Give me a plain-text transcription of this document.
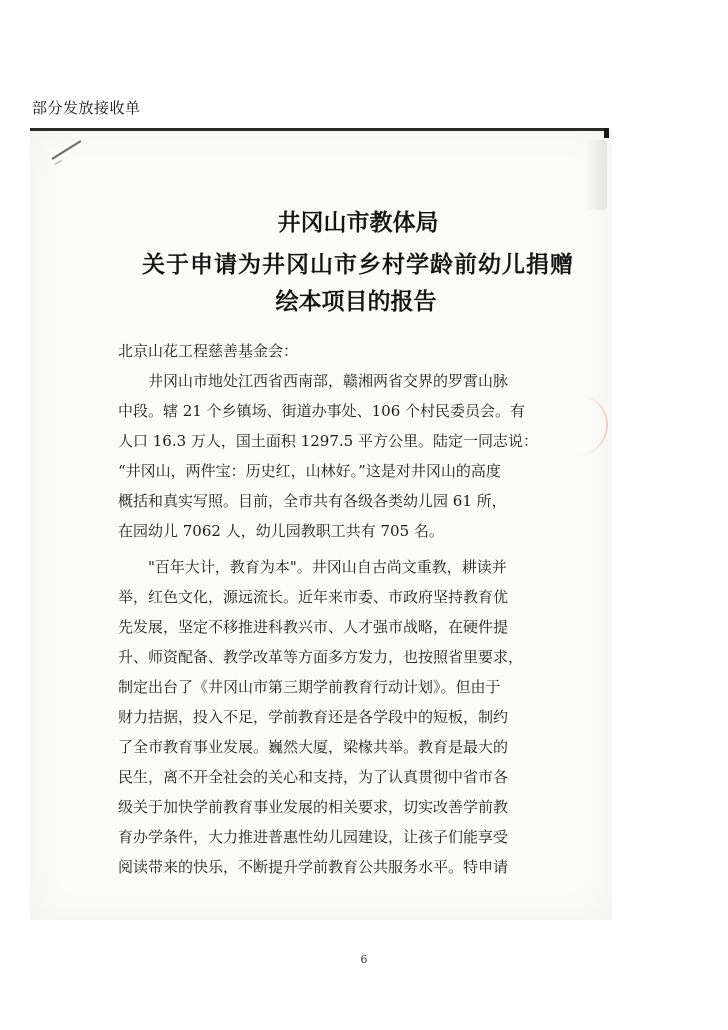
部分发放接收单
井冈山市教体局
关于申请为井冈山市乡村学龄前幼儿捐赠
绘本项目的报告
北京山花工程慈善基金会：
　　井冈山市地处江西省西南部，赣湘两省交界的罗霄山脉
中段。辖 21 个乡镇场、街道办事处、106 个村民委员会。有
人口 16.3 万人，国土面积 1297.5 平方公里。陆定一同志说：
“井冈山，两件宝：历史红，山林好。”这是对井冈山的高度
概括和真实写照。目前，全市共有各级各类幼儿园 61 所，
在园幼儿 7062 人，幼儿园教职工共有 705 名。
　　"百年大计，教育为本"。井冈山自古尚文重教，耕读并
举，红色文化，源远流长。近年来市委、市政府坚持教育优
先发展，坚定不移推进科教兴市、人才强市战略，在硬件提
升、师资配备、教学改革等方面多方发力，也按照省里要求，
制定出台了《井冈山市第三期学前教育行动计划》。但由于
财力拮据，投入不足，学前教育还是各学段中的短板，制约
了全市教育事业发展。巍然大厦，梁椽共举。教育是最大的
民生，离不开全社会的关心和支持，为了认真贯彻中省市各
级关于加快学前教育事业发展的相关要求，切实改善学前教
育办学条件，大力推进普惠性幼儿园建设，让孩子们能享受
阅读带来的快乐，不断提升学前教育公共服务水平。特申请
6
